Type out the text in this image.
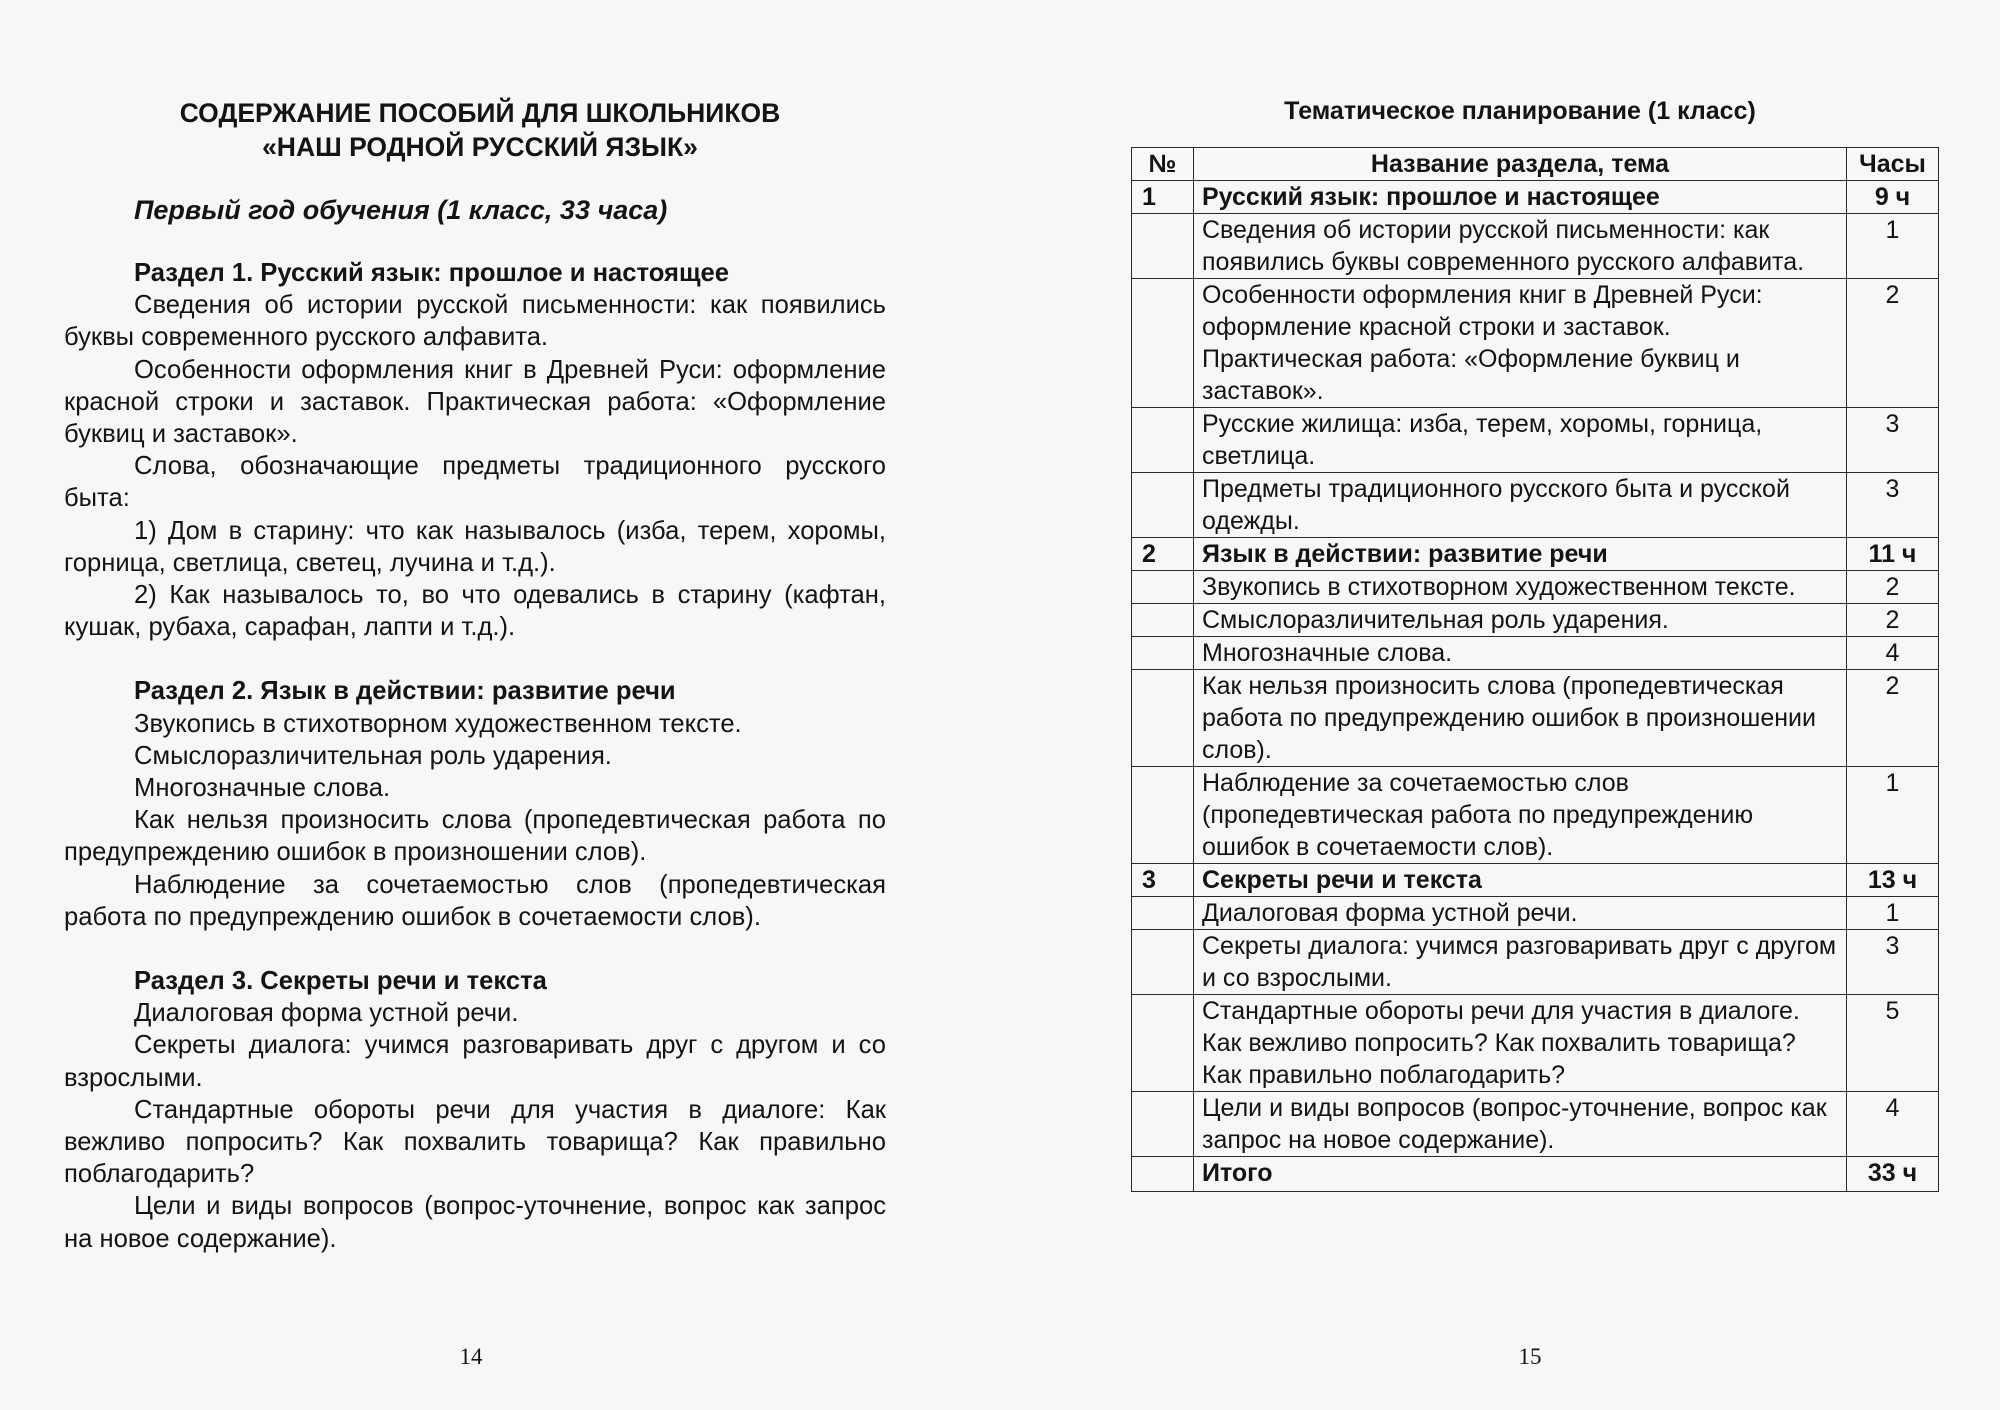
СОДЕРЖАНИЕ ПОСОБИЙ ДЛЯ ШКОЛЬНИКОВ
«НАШ РОДНОЙ РУССКИЙ ЯЗЫК»
Первый год обучения (1 класс, 33 часа)
Раздел 1. Русский язык: прошлое и настоящее
Сведения об истории русской письменности: как появились буквы современного русского алфавита.
Особенности оформления книг в Древней Руси: оформление красной строки и заставок. Практическая работа: «Оформление буквиц и заставок».
Слова, обозначающие предметы традиционного русского быта:
1) Дом в старину: что как называлось (изба, терем, хоромы, горница, светлица, светец, лучина и т.д.).
2) Как называлось то, во что одевались в старину (кафтан, кушак, рубаха, сарафан, лапти и т.д.).
Раздел 2. Язык в действии: развитие речи
Звукопись в стихотворном художественном тексте.
Смыслоразличительная роль ударения.
Многозначные слова.
Как нельзя произносить слова (пропедевтическая работа по предупреждению ошибок в произношении слов).
Наблюдение за сочетаемостью слов (пропедевтическая работа по предупреждению ошибок в сочетаемости слов).
Раздел 3. Секреты речи и текста
Диалоговая форма устной речи.
Секреты диалога: учимся разговаривать друг с другом и со взрослыми.
Стандартные обороты речи для участия в диалоге: Как вежливо попросить? Как похвалить товарища? Как правильно поблагодарить?
Цели и виды вопросов (вопрос-уточнение, вопрос как запрос на новое содержание).
14
Тематическое планирование (1 класс)
№	Название раздела, тема	Часы
1	Русский язык: прошлое и настоящее	9 ч
	Сведения об истории русской письменности: как появились буквы современного русского алфавита.	1
	Особенности оформления книг в Древней Руси: оформление красной строки и заставок. Практическая работа: «Оформление буквиц и заставок».	2
	Русские жилища: изба, терем, хоромы, горница, светлица.	3
	Предметы традиционного русского быта и русской одежды.	3
2	Язык в действии: развитие речи	11 ч
	Звукопись в стихотворном художественном тексте.	2
	Смыслоразличительная роль ударения.	2
	Многозначные слова.	4
	Как нельзя произносить слова (пропедевтическая работа по предупреждению ошибок в произношении слов).	2
	Наблюдение за сочетаемостью слов (пропедевтическая работа по предупреждению ошибок в сочетаемости слов).	1
3	Секреты речи и текста	13 ч
	Диалоговая форма устной речи.	1
	Секреты диалога: учимся разговаривать друг с другом и со взрослыми.	3
	Стандартные обороты речи для участия в диалоге. Как вежливо попросить? Как похвалить товарища? Как правильно поблагодарить?	5
	Цели и виды вопросов (вопрос-уточнение, вопрос как запрос на новое содержание).	4
	Итого	33 ч
15
